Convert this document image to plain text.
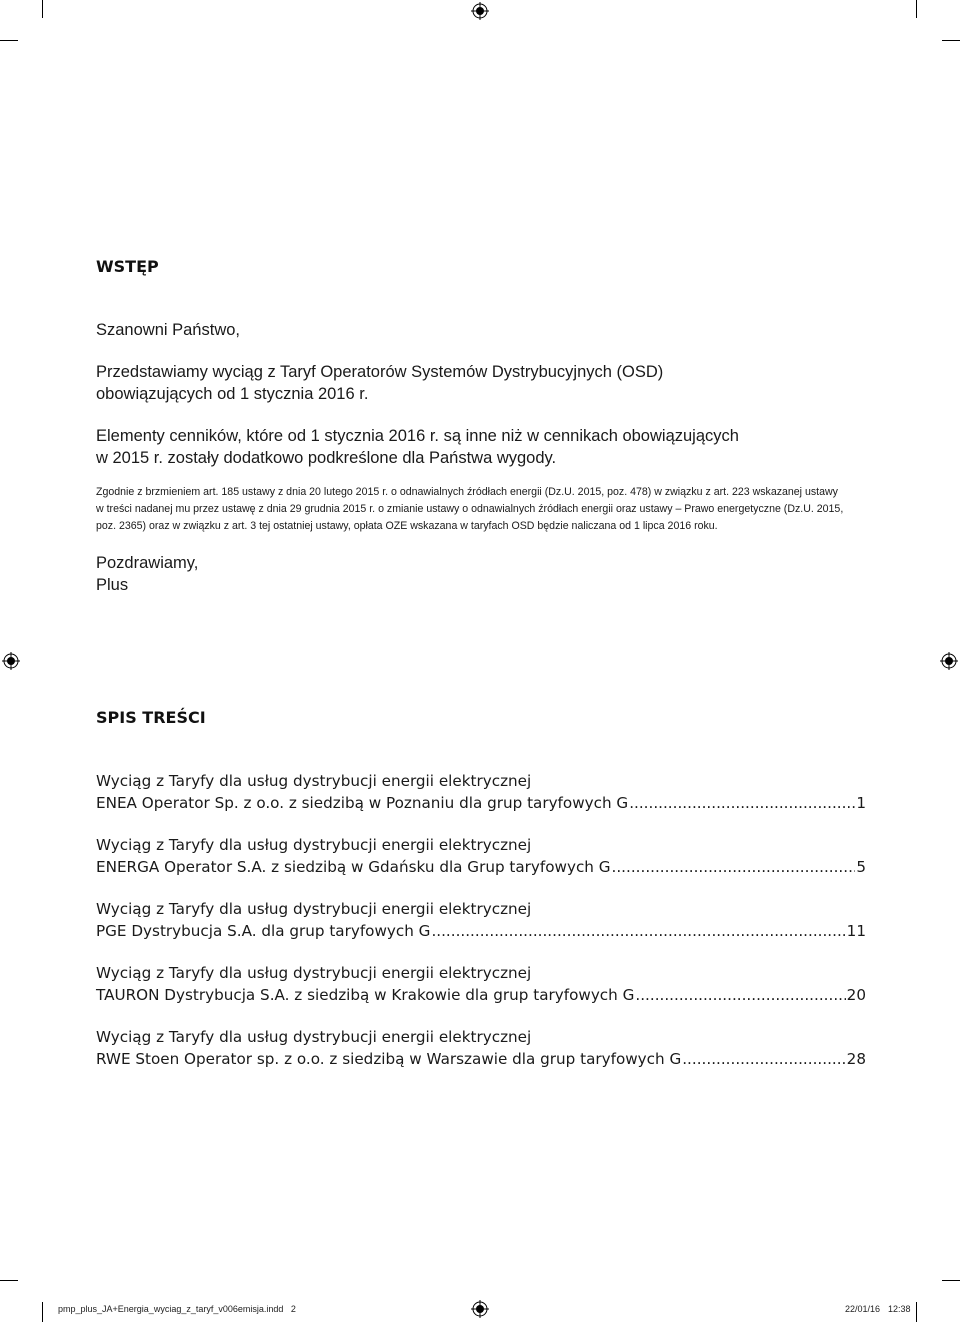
WSTĘP
Szanowni Państwo,
Przedstawiamy wyciąg z Taryf Operatorów Systemów Dystrybucyjnych (OSD)
obowiązujących od 1 stycznia 2016 r.
Elementy cenników, które od 1 stycznia 2016 r. są inne niż w cennikach obowiązujących
w 2015 r. zostały dodatkowo podkreślone dla Państwa wygody.
Zgodnie z brzmieniem art. 185 ustawy z dnia 20 lutego 2015 r. o odnawialnych źródłach energii (Dz.U. 2015, poz. 478) w związku z art. 223 wskazanej ustawy
w treści nadanej mu przez ustawę z dnia 29 grudnia 2015 r. o zmianie ustawy o odnawialnych źródłach energii oraz ustawy – Prawo energetyczne (Dz.U. 2015,
poz. 2365) oraz w związku z art. 3 tej ostatniej ustawy, opłata OZE wskazana w taryfach OSD będzie naliczana od 1 lipca 2016 roku.
Pozdrawiamy,
Plus
SPIS TREŚCI
Wyciąg z Taryfy dla usług dystrybucji energii elektrycznej
ENEA Operator Sp. z o.o. z siedzibą w Poznaniu dla grup taryfowych G .....	1
Wyciąg z Taryfy dla usług dystrybucji energii elektrycznej
ENERGA Operator S.A. z siedzibą w Gdańsku dla Grup taryfowych G .....	5
Wyciąg z Taryfy dla usług dystrybucji energii elektrycznej
PGE Dystrybucja S.A. dla grup taryfowych G .....	11
Wyciąg z Taryfy dla usług dystrybucji energii elektrycznej
TAURON Dystrybucja S.A. z siedzibą w Krakowie dla grup taryfowych G .....	20
Wyciąg z Taryfy dla usług dystrybucji energii elektrycznej
RWE Stoen Operator sp. z o.o. z siedzibą w Warszawie dla grup taryfowych G .....	28
pmp_plus_JA+Energia_wyciag_z_taryf_v006emisja.indd   2	22/01/16 12:38
